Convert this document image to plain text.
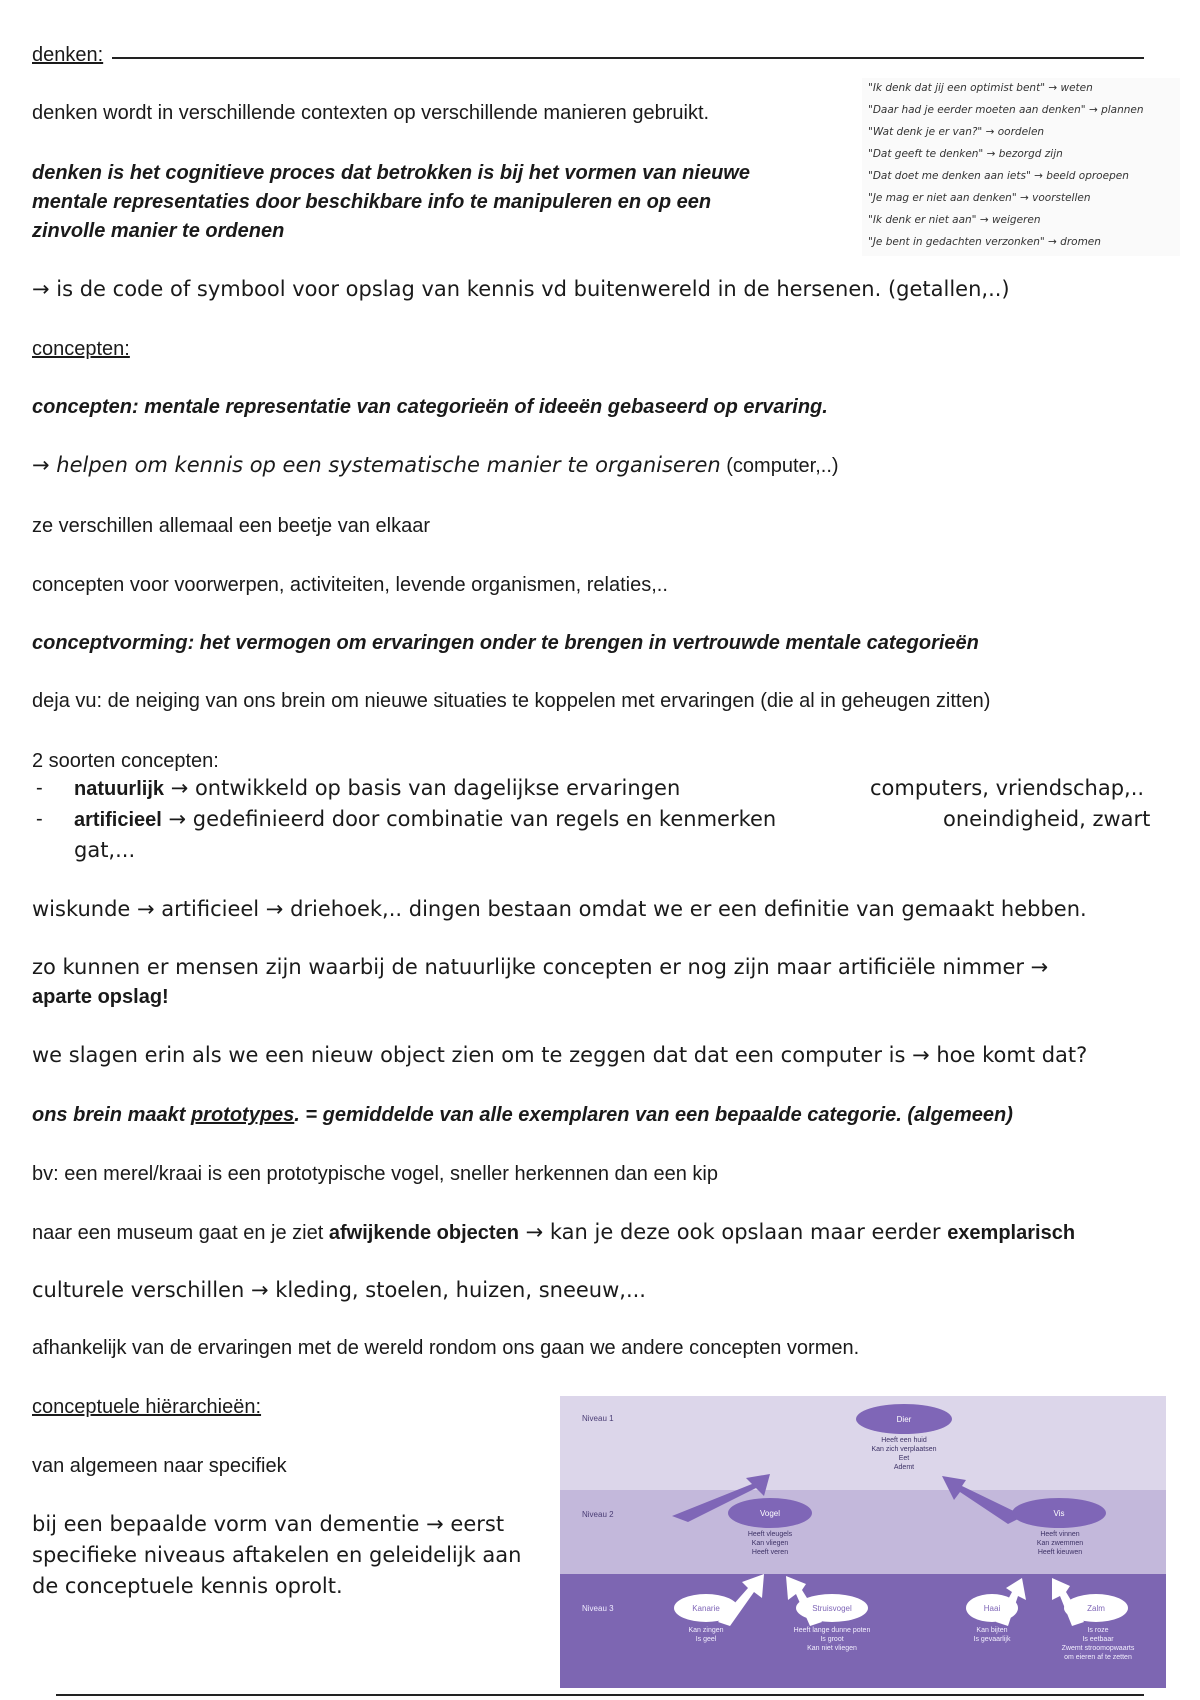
denken:
denken wordt in verschillende contexten op verschillende manieren gebruikt.
denken is het cognitieve proces dat betrokken is bij het vormen van nieuwe
mentale representaties door beschikbare info te manipuleren en op een
zinvolle manier te ordenen
"Ik denk dat jij een optimist bent" → weten
"Daar had je eerder moeten aan denken" → plannen
"Wat denk je er van?" → oordelen
"Dat geeft te denken" → bezorgd zijn
"Dat doet me denken aan iets" → beeld oproepen
"Je mag er niet aan denken" → voorstellen
"Ik denk er niet aan" → weigeren
"Je bent in gedachten verzonken" → dromen
→ is de code of symbool voor opslag van kennis vd buitenwereld in de hersenen. (getallen,..)
concepten:
concepten: mentale representatie van categorieën of ideeën gebaseerd op ervaring.
→ helpen om kennis op een systematische manier te organiseren (computer,..)
ze verschillen allemaal een beetje van elkaar
concepten voor voorwerpen, activiteiten, levende organismen, relaties,..
conceptvorming: het vermogen om ervaringen onder te brengen in vertrouwde mentale categorieën
deja vu: de neiging van ons brein om nieuwe situaties te koppelen met ervaringen (die al in geheugen zitten)
2 soorten concepten:
- natuurlijk → ontwikkeld op basis van dagelijkse ervaringen	computers, vriendschap,..
- artificieel → gedefinieerd door combinatie van regels en kenmerken	oneindigheid, zwart
gat,...
wiskunde → artificieel → driehoek,.. dingen bestaan omdat we er een definitie van gemaakt hebben.
zo kunnen er mensen zijn waarbij de natuurlijke concepten er nog zijn maar artificiële nimmer →
aparte opslag!
we slagen erin als we een nieuw object zien om te zeggen dat dat een computer is → hoe komt dat?
ons brein maakt prototypes. = gemiddelde van alle exemplaren van een bepaalde categorie. (algemeen)
bv: een merel/kraai is een prototypische vogel, sneller herkennen dan een kip
naar een museum gaat en je ziet afwijkende objecten → kan je deze ook opslaan maar eerder exemplarisch
culturele verschillen → kleding, stoelen, huizen, sneeuw,...
afhankelijk van de ervaringen met de wereld rondom ons gaan we andere concepten vormen.
conceptuele hiërarchieën:
van algemeen naar specifiek
bij een bepaalde vorm van dementie → eerst
specifieke niveaus aftakelen en geleidelijk aan
de conceptuele kennis oprolt.
Niveau 1
Niveau 2
Niveau 3
Dier
Heeft een huid
Kan zich verplaatsen
Eet
Ademt
Vogel
Heeft vleugels
Kan vliegen
Heeft veren
Vis
Heeft vinnen
Kan zwemmen
Heeft kieuwen
Kanarie
Kan zingen
Is geel
Struisvogel
Heeft lange dunne poten
Is groot
Kan niet vliegen
Haai
Kan bijten
Is gevaarlijk
Zalm
Is roze
Is eetbaar
Zwemt stroomopwaarts
om eieren af te zetten
